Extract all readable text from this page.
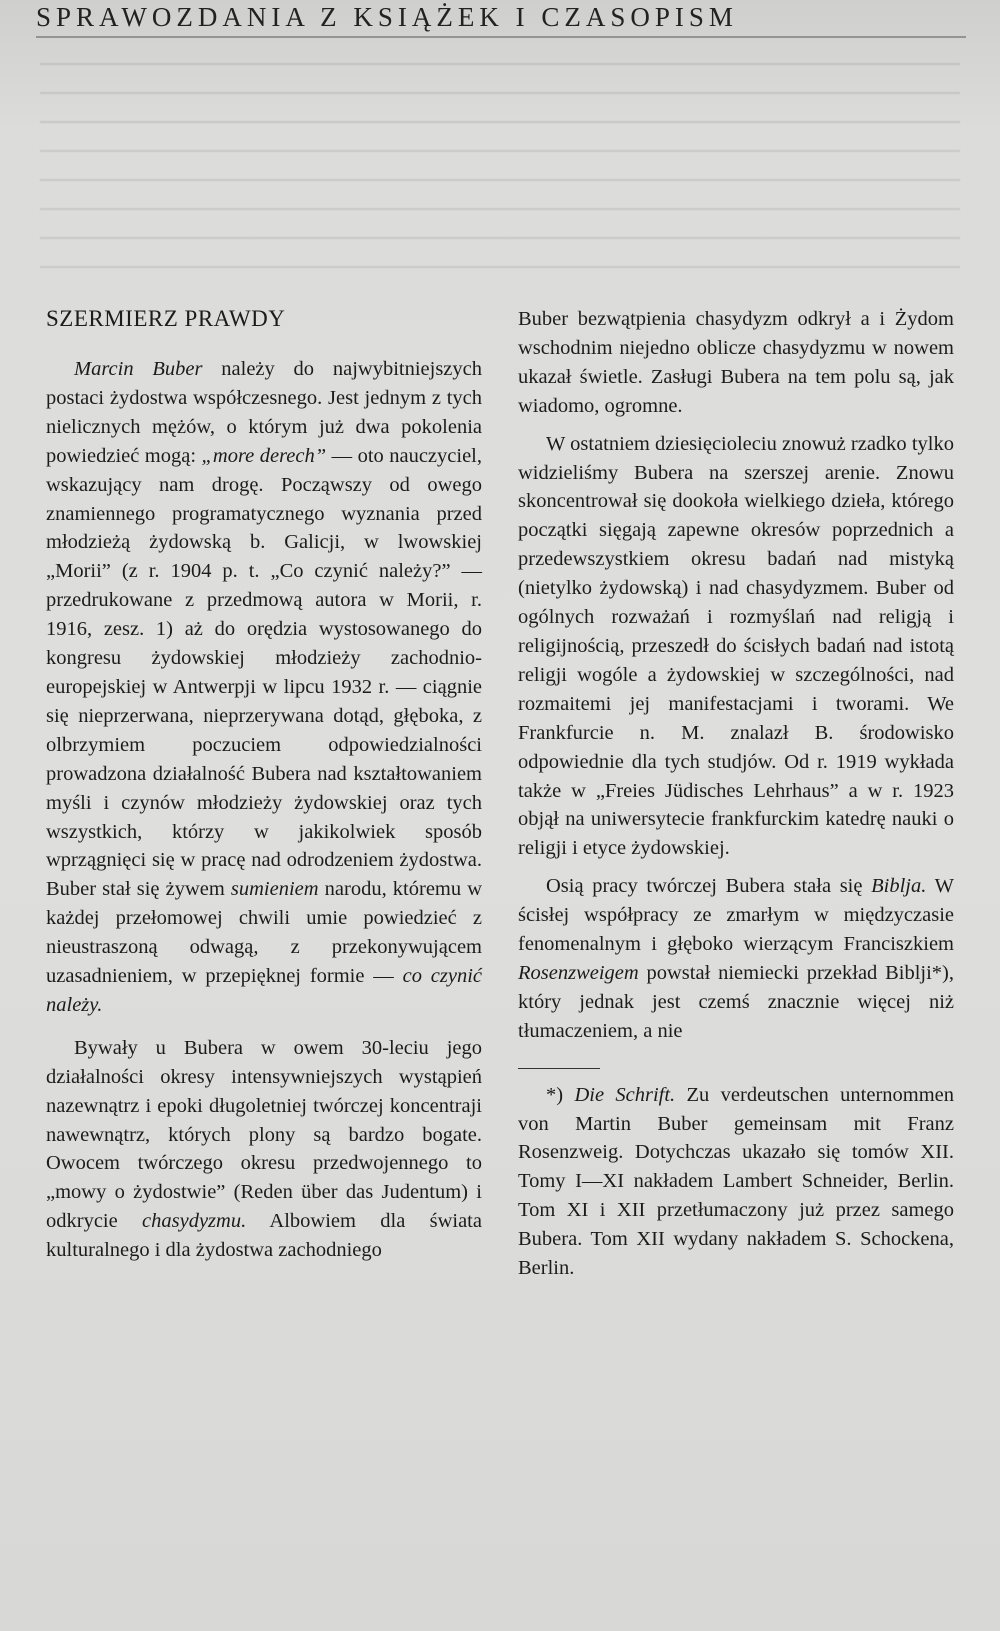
SPRAWOZDANIA Z KSIĄŻEK I CZASOPISM
SZERMIERZ PRAWDY

Marcin Buber należy do najwybitniejszych postaci żydostwa współczesnego. Jest jednym z tych nielicznych mężów, o którym już dwa pokolenia powiedzieć mogą: „more derech” — oto nauczyciel, wskazujący nam drogę. Począwszy od owego znamiennego programatycznego wyznania przed młodzieżą żydowską b. Galicji, w lwowskiej „Morii” (z r. 1904 p. t. „Co czynić należy?” — przedrukowane z przedmową autora w Morii, r. 1916, zesz. 1) aż do orędzia wystosowanego do kongresu żydowskiej młodzieży zachodnio-europejskiej w Antwerpji w lipcu 1932 r. — ciągnie się nieprzerwana, nieprzerywana dotąd, głęboka, z olbrzymiem poczuciem odpowiedzialności prowadzona działalność Bubera nad kształtowaniem myśli i czynów młodzieży żydowskiej oraz tych wszystkich, którzy w jakikolwiek sposób wprzągnięci się w pracę nad odrodzeniem żydostwa. Buber stał się żywem sumieniem narodu, któremu w każdej przełomowej chwili umie powiedzieć z nieustraszoną odwagą, z przekonywującem uzasadnieniem, w przepięknej formie — co czynić należy.

Bywały u Bubera w owem 30-leciu jego działalności okresy intensywniejszych wystąpień nazewnątrz i epoki długoletniej twórczej koncentraji nawewnątrz, których plony są bardzo bogate. Owocem twórczego okresu przedwojennego to „mowy o żydostwie” (Reden über das Judentum) i odkrycie chasydyzmu. Albowiem dla świata kulturalnego i dla żydostwa zachodniego

Buber bezwątpienia chasydyzm odkrył a i Żydom wschodnim niejedno oblicze chasydyzmu w nowem ukazał świetle. Zasługi Bubera na tem polu są, jak wiadomo, ogromne.

W ostatniem dziesięcioleciu znowuż rzadko tylko widzieliśmy Bubera na szerszej arenie. Znowu skoncentrował się dookoła wielkiego dzieła, którego początki sięgają zapewne okresów poprzednich a przedewszystkiem okresu badań nad mistyką (nietylko żydowską) i nad chasydyzmem. Buber od ogólnych rozważań i rozmyślań nad religją i religijnością, przeszedł do ścisłych badań nad istotą religji wogóle a żydowskiej w szczególności, nad rozmaitemi jej manifestacjami i tworami. We Frankfurcie n. M. znalazł B. środowisko odpowiednie dla tych studjów. Od r. 1919 wykłada także w „Freies Jüdisches Lehrhaus” a w r. 1923 objął na uniwersytecie frankfurckim katedrę nauki o religji i etyce żydowskiej.

Osią pracy twórczej Bubera stała się Biblja. W ścisłej współpracy ze zmarłym w międzyczasie fenomenalnym i głęboko wierzącym Franciszkiem Rosenzweigem powstał niemiecki przekład Biblji*), który jednak jest czemś znacznie więcej niż tłumaczeniem, a nie

*) Die Schrift. Zu verdeutschen unternommen von Martin Buber gemeinsam mit Franz Rosenzweig. Dotychczas ukazało się tomów XII. Tomy I—XI nakładem Lambert Schneider, Berlin. Tom XI i XII przetłumaczony już przez samego Bubera. Tom XII wydany nakładem S. Schockena, Berlin.
